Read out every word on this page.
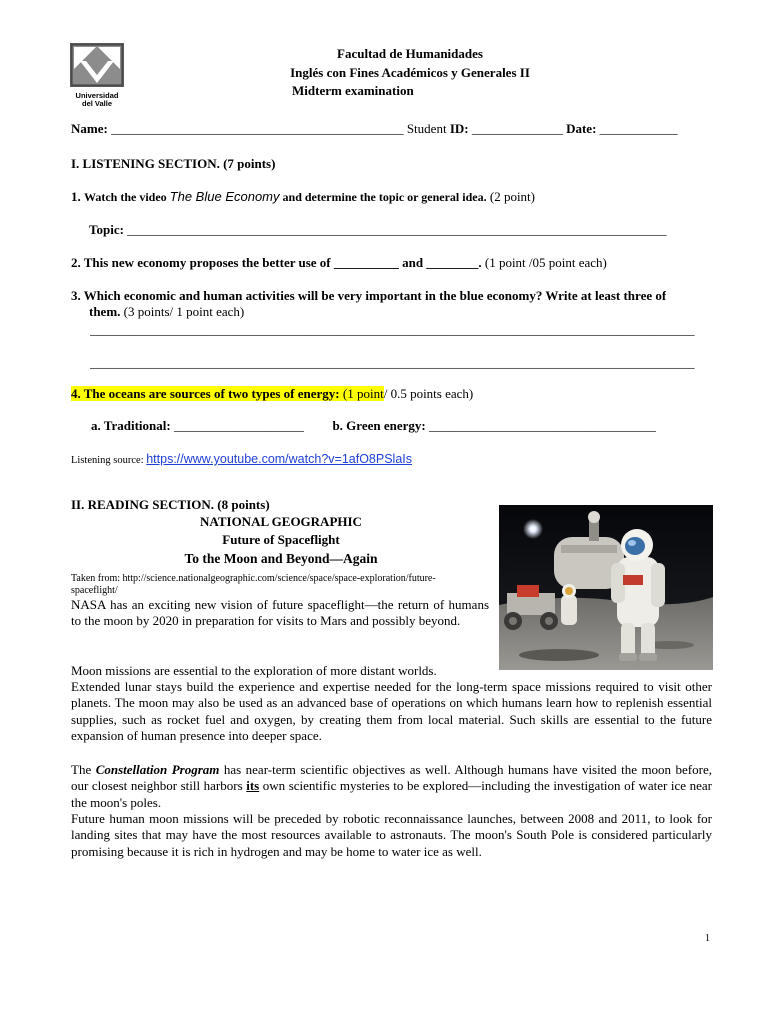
Universidad
del Valle
Facultad de Humanidades
Inglés con Fines Académicos y Generales II
Midterm examination
Name: _____________________________________________ Student ID: ______________ Date: ____________
I. LISTENING SECTION. (7 points)
1. Watch the video The Blue Economy and determine the topic or general idea. (2 point)
Topic: ___________________________________________________________________________________
2. This new economy proposes the better use of __________ and ________. (1 point /05 point each)
3. Which economic and human activities will be very important in the blue economy? Write at least three of
them. (3 points/ 1 point each)
_____________________________________________________________________________________________
_____________________________________________________________________________________________
4. The oceans are sources of two types of energy: (1 point/ 0.5 points each)
a. Traditional: ____________________ b. Green energy: ___________________________________
Listening source: https://www.youtube.com/watch?v=1afO8PSlaIs
II. READING SECTION. (8 points)
NATIONAL GEOGRAPHIC
Future of Spaceflight
To the Moon and Beyond—Again
Taken from: http://science.nationalgeographic.com/science/space/space-exploration/future-
spaceflight/
NASA has an exciting new vision of future spaceflight—the return of humans to the moon by 2020 in preparation for visits to Mars and possibly beyond.
Moon missions are essential to the exploration of more distant worlds.
Extended lunar stays build the experience and expertise needed for the long-term space missions required to visit other planets. The moon may also be used as an advanced base of operations on which humans learn how to replenish essential supplies, such as rocket fuel and oxygen, by creating them from local material. Such skills are essential to the future expansion of human presence into deeper space.
The Constellation Program has near-term scientific objectives as well. Although humans have visited the moon before, our closest neighbor still harbors its own scientific mysteries to be explored—including the investigation of water ice near the moon's poles.
Future human moon missions will be preceded by robotic reconnaissance launches, between 2008 and 2011, to look for landing sites that may have the most resources available to astronauts. The moon's South Pole is considered particularly promising because it is rich in hydrogen and may be home to water ice as well.
1
